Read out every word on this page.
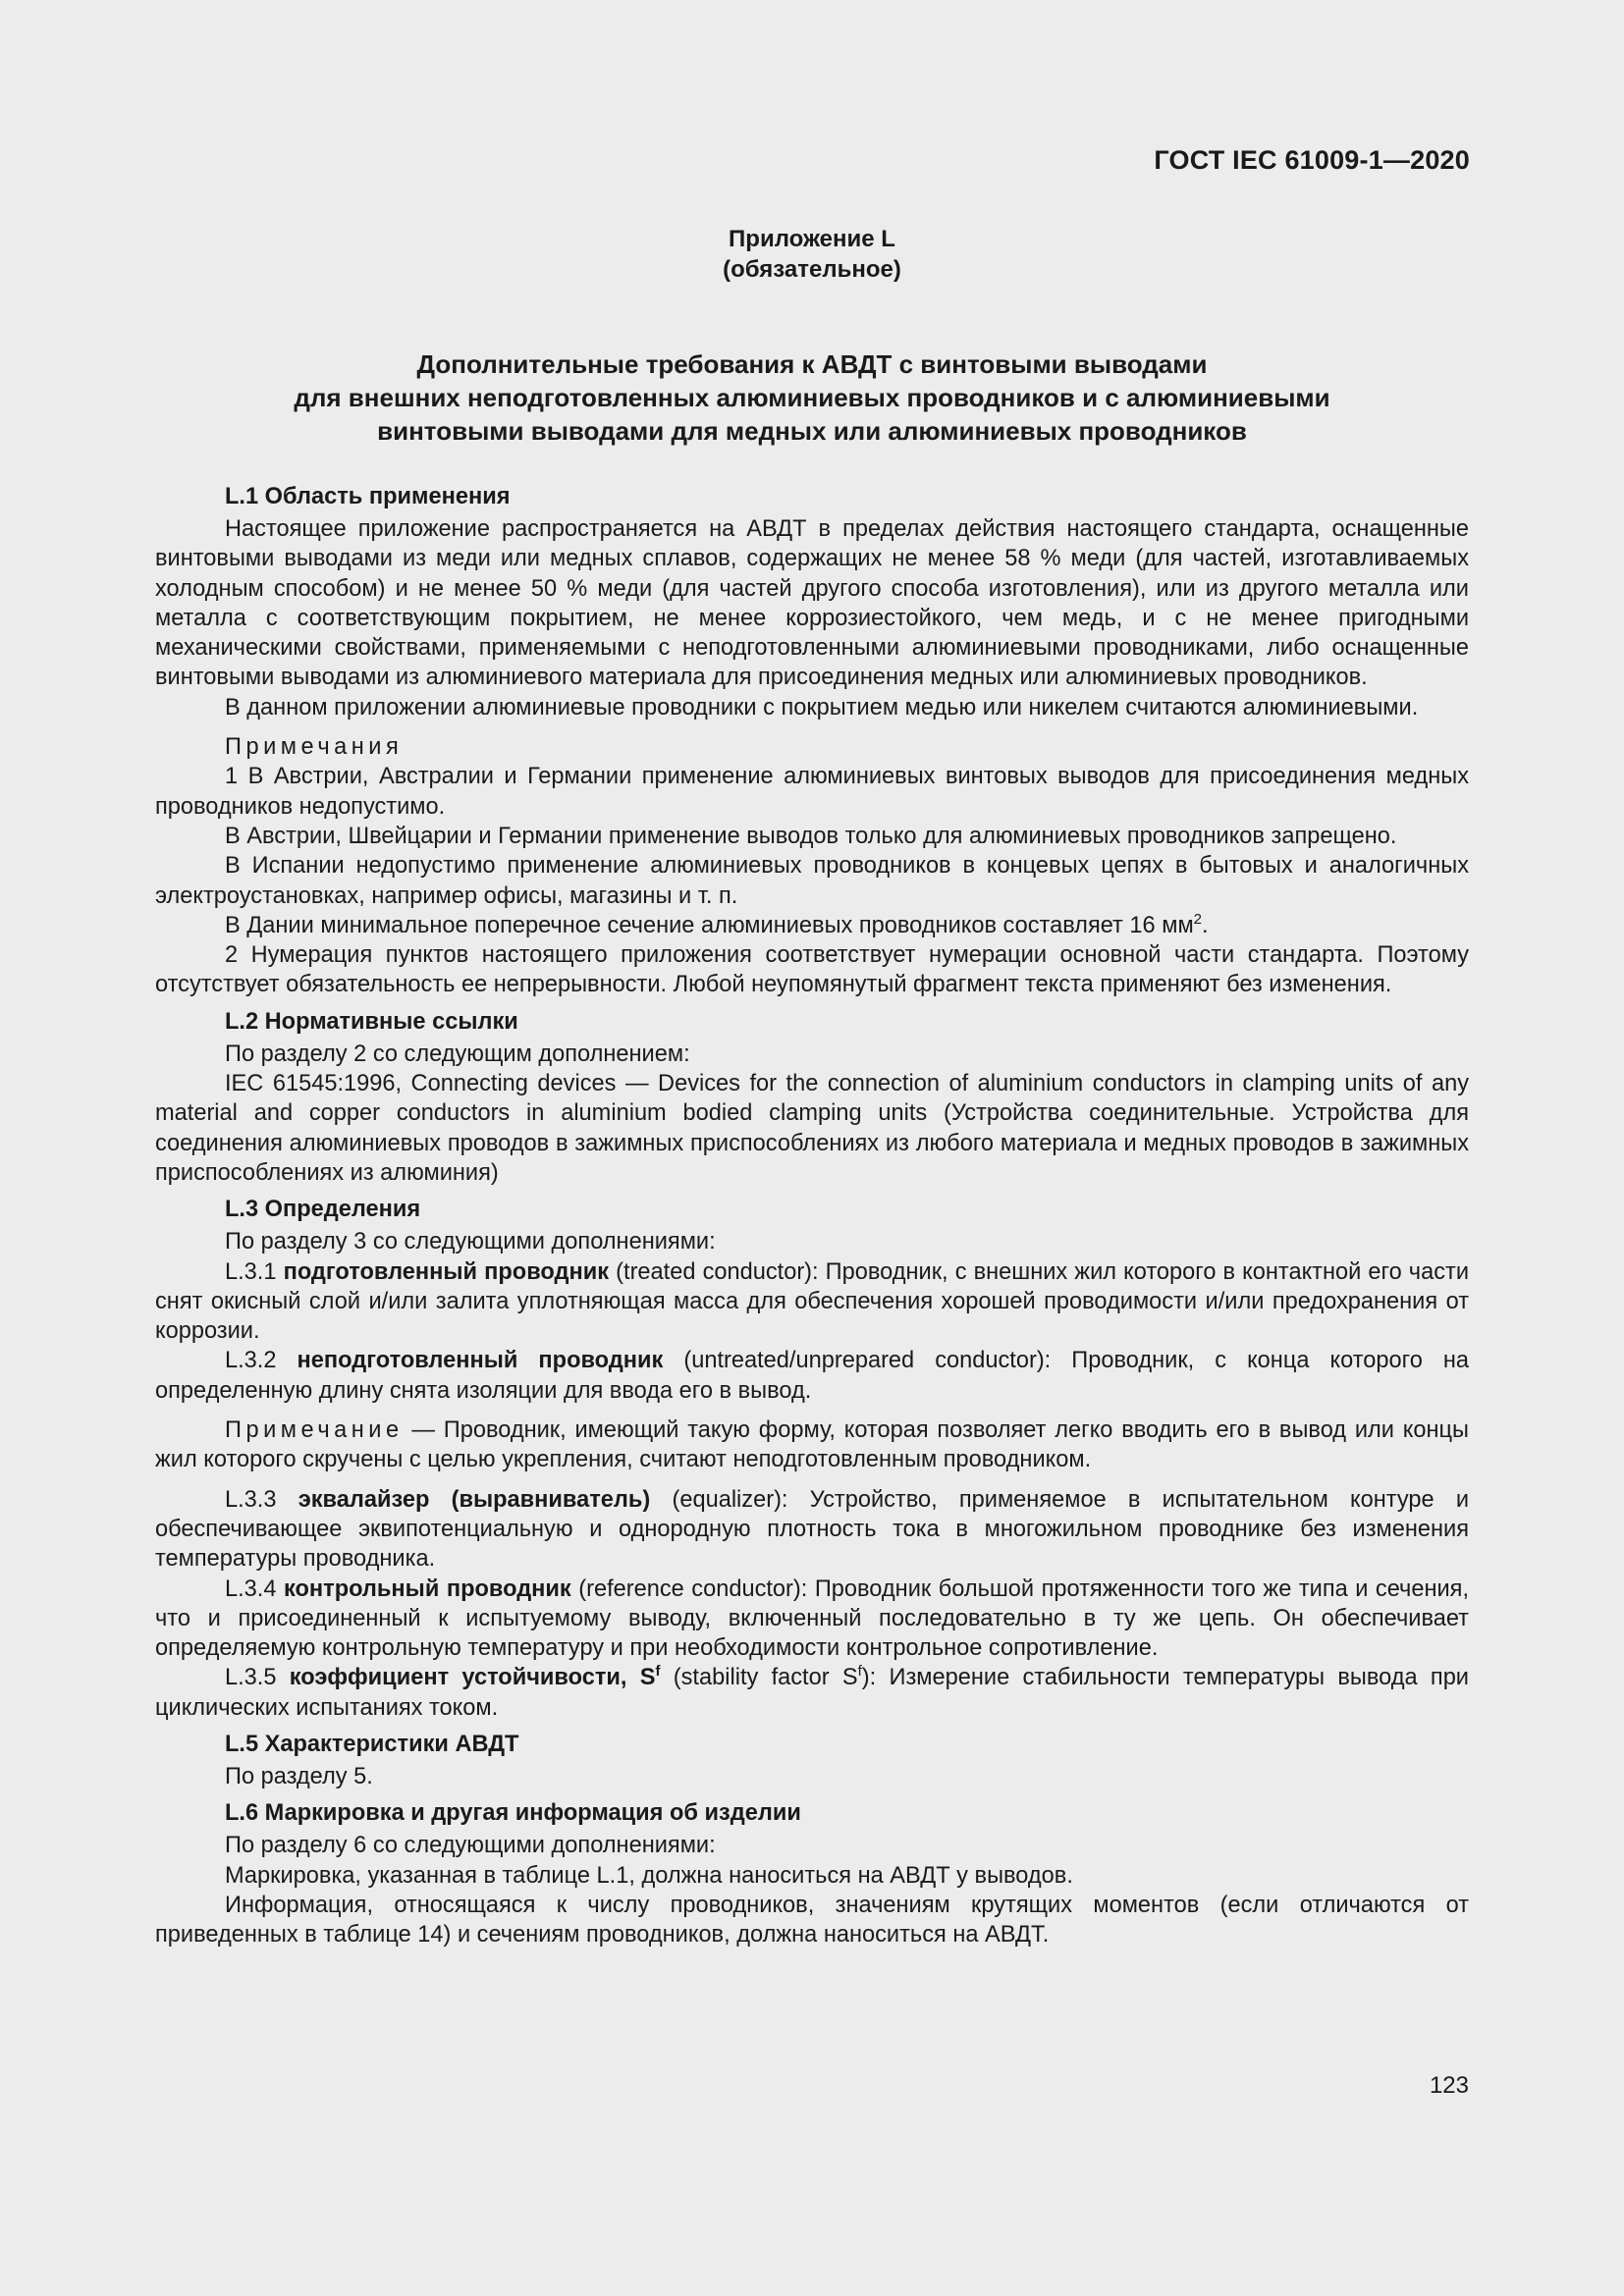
ГОСТ IEC 61009-1—2020
Приложение L
(обязательное)
Дополнительные требования к АВДТ с винтовыми выводами
для внешних неподготовленных алюминиевых проводников и с алюминиевыми
винтовыми выводами для медных или алюминиевых проводников
L.1 Область применения

Настоящее приложение распространяется на АВДТ в пределах действия настоящего стандарта, оснащенные винтовыми выводами из меди или медных сплавов, содержащих не менее 58 % меди (для частей, изготавливаемых холодным способом) и не менее 50 % меди (для частей другого способа изготовления), или из другого металла или металла с соответствующим покрытием, не менее коррозиестойкого, чем медь, и с не менее пригодными механическими свойствами, применяемыми с неподготовленными алюминиевыми проводниками, либо оснащенные винтовыми выводами из алюминиевого материала для присоединения медных или алюминиевых проводников.

В данном приложении алюминиевые проводники с покрытием медью или никелем считаются алюминиевыми.

Примечания

1 В Австрии, Австралии и Германии применение алюминиевых винтовых выводов для присоединения медных проводников недопустимо.

В Австрии, Швейцарии и Германии применение выводов только для алюминиевых проводников запрещено.

В Испании недопустимо применение алюминиевых проводников в концевых цепях в бытовых и аналогичных электроустановках, например офисы, магазины и т. п.

В Дании минимальное поперечное сечение алюминиевых проводников составляет 16 $мм^2$.

2 Нумерация пунктов настоящего приложения соответствует нумерации основной части стандарта. Поэтому отсутствует обязательность ее непрерывности. Любой неупомянутый фрагмент текста применяют без изменения.

L.2 Нормативные ссылки

По разделу 2 со следующим дополнением:

IEC 61545:1996, Connecting devices — Devices for the connection of aluminium conductors in clamping units of any material and copper conductors in aluminium bodied clamping units (Устройства соединительные. Устройства для соединения алюминиевых проводов в зажимных приспособлениях из любого материала и медных проводов в зажимных приспособлениях из алюминия)

L.3 Определения

По разделу 3 со следующими дополнениями:

L.3.1 подготовленный проводник (treated conductor): Проводник, с внешних жил которого в контактной его части снят окисный слой и/или залита уплотняющая масса для обеспечения хорошей проводимости и/или предохранения от коррозии.

L.3.2 неподготовленный проводник (untreated/unprepared conductor): Проводник, с конца которого на определенную длину снята изоляции для ввода его в вывод.

Примечание — Проводник, имеющий такую форму, которая позволяет легко вводить его в вывод или концы жил которого скручены с целью укрепления, считают неподготовленным проводником.

L.3.3 эквалайзер (выравниватель) (equalizer): Устройство, применяемое в испытательном контуре и обеспечивающее эквипотенциальную и однородную плотность тока в многожильном проводнике без изменения температуры проводника.

L.3.4 контрольный проводник (reference conductor): Проводник большой протяженности того же типа и сечения, что и присоединенный к испытуемому выводу, включенный последовательно в ту же цепь. Он обеспечивает определяемую контрольную температуру и при необходимости контрольное сопротивление.

L.3.5 коэффициент устойчивости, $S^f$ (stability factor $S^f$): Измерение стабильности температуры вывода при циклических испытаниях током.

L.5 Характеристики АВДТ

По разделу 5.

L.6 Маркировка и другая информация об изделии

По разделу 6 со следующими дополнениями:

Маркировка, указанная в таблице L.1, должна наноситься на АВДТ у выводов.

Информация, относящаяся к числу проводников, значениям крутящих моментов (если отличаются от приведенных в таблице 14) и сечениям проводников, должна наноситься на АВДТ.

123
